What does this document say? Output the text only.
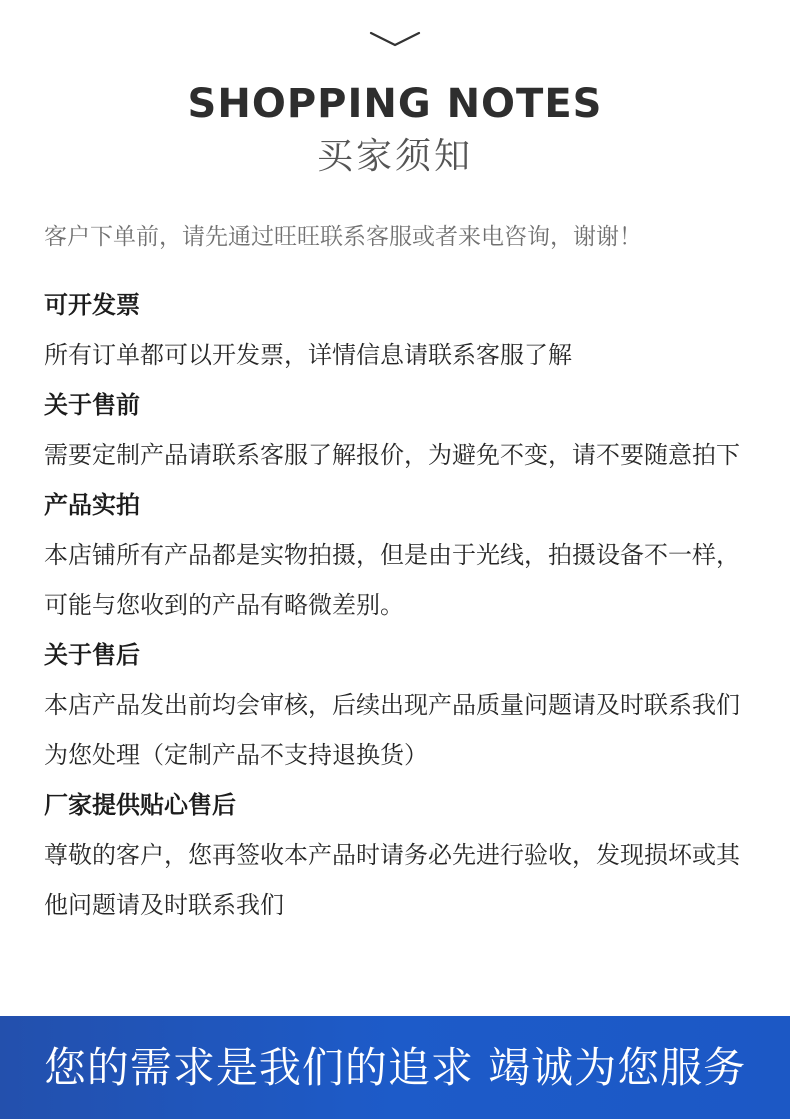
SHOPPING NOTES
买家须知
客户下单前，请先通过旺旺联系客服或者来电咨询，谢谢！
可开发票
所有订单都可以开发票，详情信息请联系客服了解
关于售前
需要定制产品请联系客服了解报价，为避免不变，请不要随意拍下
产品实拍
本店铺所有产品都是实物拍摄，但是由于光线，拍摄设备不一样，可能与您收到的产品有略微差别。
关于售后
本店产品发出前均会审核，后续出现产品质量问题请及时联系我们为您处理（定制产品不支持退换货）
厂家提供贴心售后
尊敬的客户，您再签收本产品时请务必先进行验收，发现损坏或其他问题请及时联系我们
您的需求是我们的追求 竭诚为您服务
